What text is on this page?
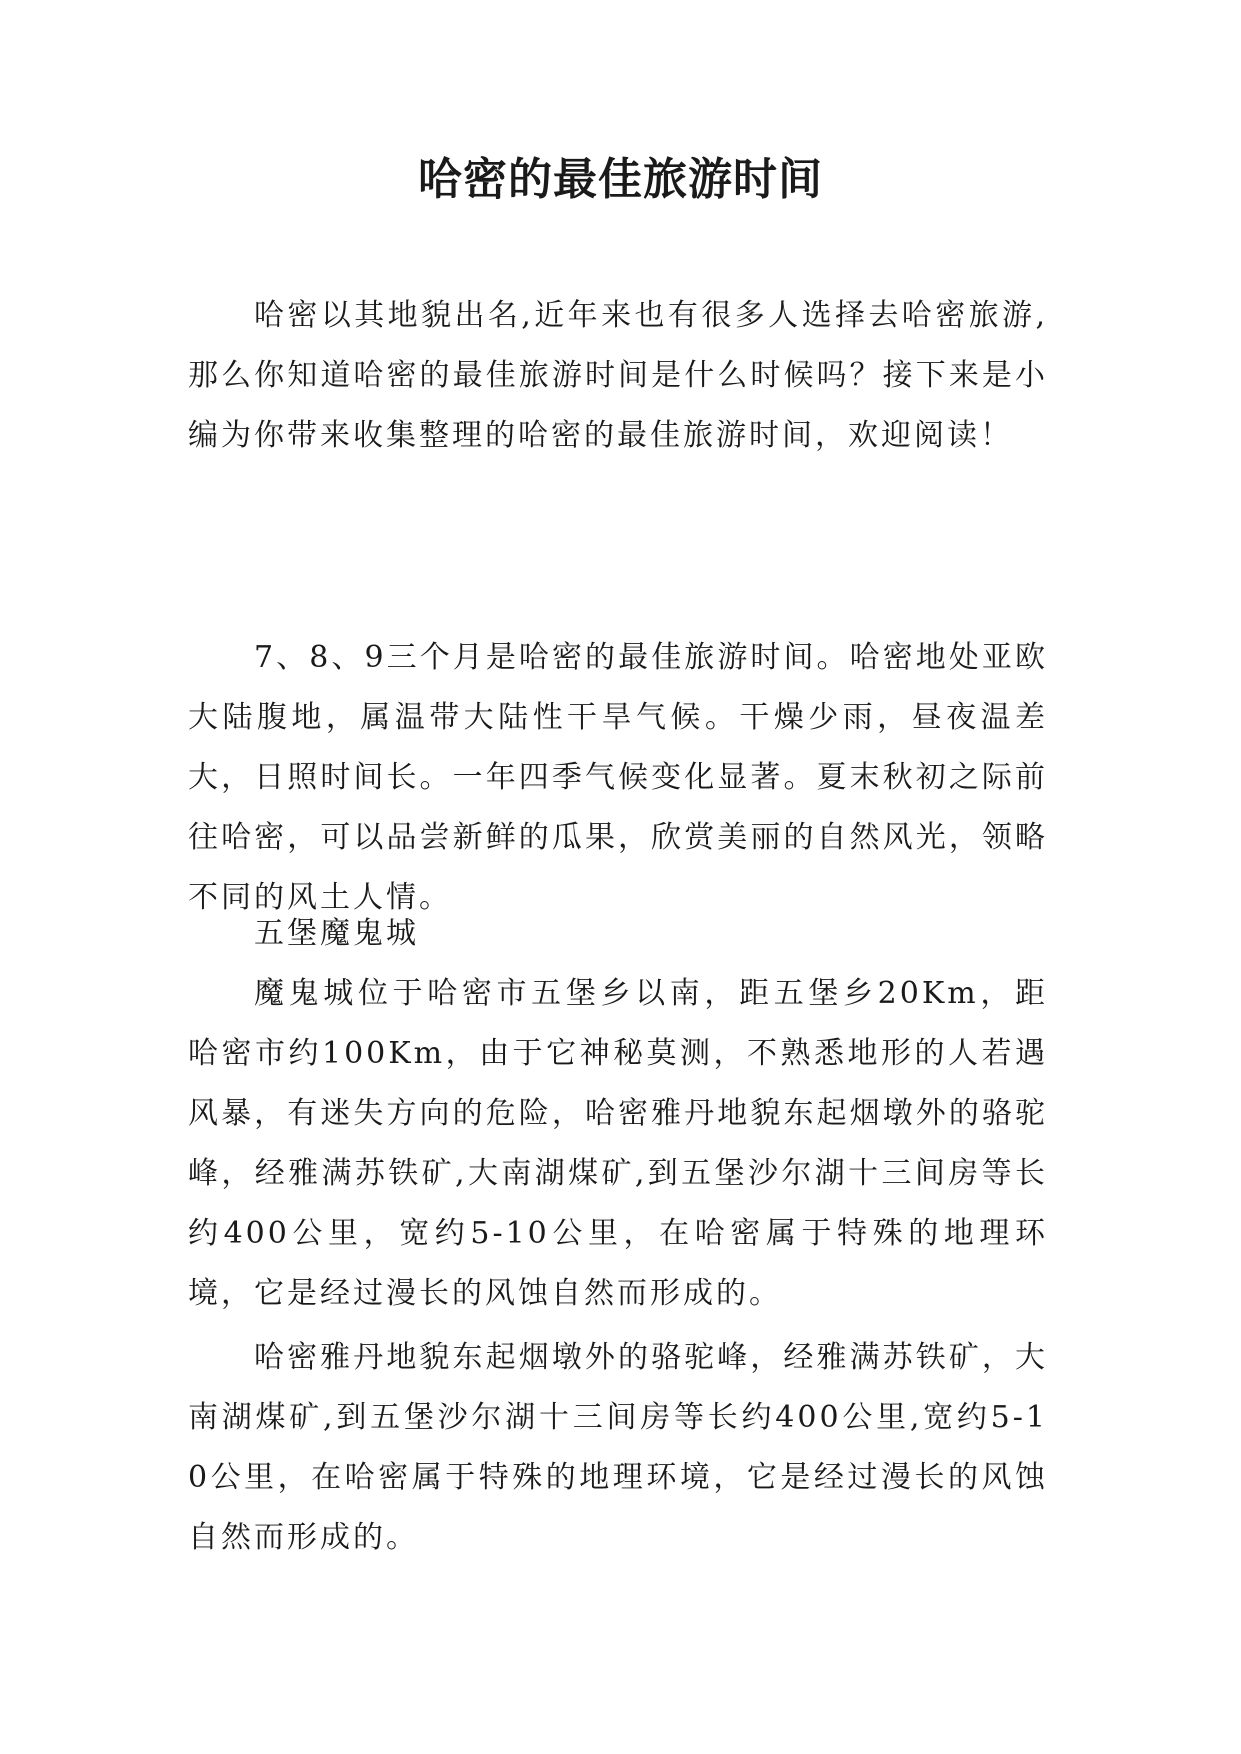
哈密的最佳旅游时间

哈密以其地貌出名,近年来也有很多人选择去哈密旅游,那么你知道哈密的最佳旅游时间是什么时候吗？接下来是小编为你带来收集整理的哈密的最佳旅游时间，欢迎阅读！

7、8、9三个月是哈密的最佳旅游时间。哈密地处亚欧大陆腹地，属温带大陆性干旱气候。干燥少雨，昼夜温差大，日照时间长。一年四季气候变化显著。夏末秋初之际前往哈密，可以品尝新鲜的瓜果，欣赏美丽的自然风光，领略不同的风土人情。

五堡魔鬼城

魔鬼城位于哈密市五堡乡以南，距五堡乡20Km，距哈密市约100Km，由于它神秘莫测，不熟悉地形的人若遇风暴，有迷失方向的危险，哈密雅丹地貌东起烟墩外的骆驼峰，经雅满苏铁矿,大南湖煤矿,到五堡沙尔湖十三间房等长约400公里，宽约5-10公里，在哈密属于特殊的地理环境，它是经过漫长的风蚀自然而形成的。

哈密雅丹地貌东起烟墩外的骆驼峰，经雅满苏铁矿，大南湖煤矿,到五堡沙尔湖十三间房等长约400公里,宽约5-10公里，在哈密属于特殊的地理环境，它是经过漫长的风蚀自然而形成的。
